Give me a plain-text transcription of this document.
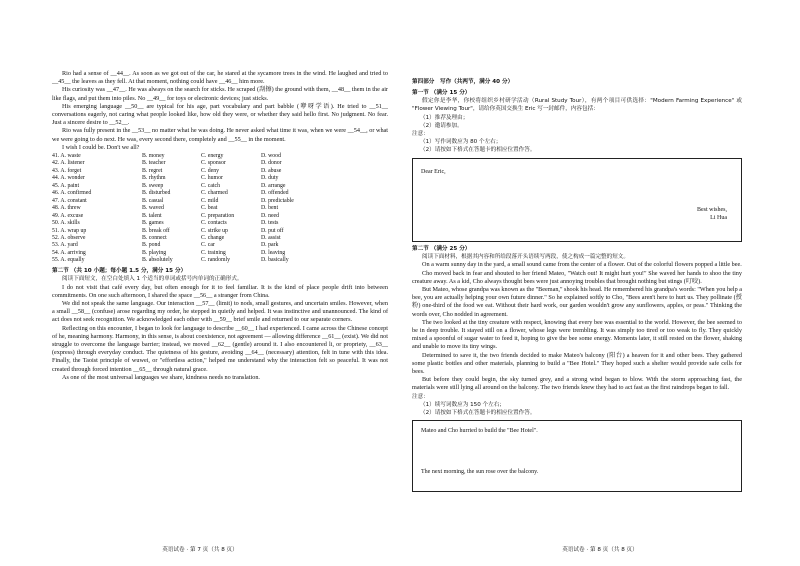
Rio had a sense of __44__. As soon as we got out of the car, he stared at the sycamore trees in the wind. He laughed and tried to __45__ the leaves as they fell. At that moment, nothing could have __46__ him more.

His curiosity was __47__. He was always on the search for sticks. He scraped (刮擦) the ground with them, __48__ them in the air like flags, and put them into piles. No __49__ for toys or electronic devices; just sticks.

His emerging language __50__ are typical for his age, part vocabulary and part babble (咿呀学语). He tried to __51__ conversations eagerly, not caring what people looked like, how old they were, or whether they said hello first. No judgment. No fear. Just a sincere desire to __52__.

Rio was fully present in the __53__ no matter what he was doing. He never asked what time it was, when we were __54__, or what we were going to do next. He was, every second there, completely and __55__ in the moment.

I wish I could be. Don't we all?

41. A. waste	B. money	C. energy	D. wood
42. A. listener	B. teacher	C. sponsor	D. donor
43. A. forget	B. regret	C. deny	D. abuse
44. A. wonder	B. rhythm	C. humor	D. duty
45. A. paint	B. sweep	C. catch	D. arrange
46. A. confirmed	B. disturbed	C. charmed	D. offended
47. A. constant	B. casual	C. mild	D. predictable
48. A. threw	B. waved	C. beat	D. bent
49. A. excuse	B. talent	C. preparation	D. need
50. A. skills	B. games	C. contacts	D. tests
51. A. wrap up	B. break off	C. strike up	D. put off
52. A. observe	B. connect	C. change	D. assist
53. A. yard	B. pond	C. car	D. park
54. A. arriving	B. playing	C. training	D. leaving
55. A. equally	B. absolutely	C. randomly	D. basically
第二节 （共 10 小题；每小题 1.5 分，满分 15 分）

阅读下面短文，在空白处填入 1 个适当的单词或括号内单词的正确形式。

I do not visit that café every day, but often enough for it to feel familiar. It is the kind of place people drift into between commitments. On one such afternoon, I shared the space __56__ a stranger from China.

We did not speak the same language. Our interaction __57__ (limit) to nods, small gestures, and uncertain smiles. However, when a small __58__ (confuse) arose regarding my order, he stepped in quietly and helped. It was instinctive and unannounced. The kind of act does not seek recognition. We acknowledged each other with __59__ brief smile and returned to our separate corners.

Reflecting on this encounter, I began to look for language to describe __60__ I had experienced. I came across the Chinese concept of he, meaning harmony. Harmony, in this sense, is about coexistence, not agreement — allowing difference __61__ (exist). We did not struggle to overcome the language barrier; instead, we moved __62__ (gentle) around it. I also encountered li, or propriety, __63__ (express) through everyday conduct. The quietness of his gesture, avoiding __64__ (necessary) attention, felt in tune with this idea. Finally, the Taoist principle of wuwei, or "effortless action," helped me understand why the interaction felt so peaceful. It was not created through forced intention __65__ through natural grace.

As one of the most universal languages we share, kindness needs no translation.

第四部分　写作（共两节，满分 40 分）
第一节 （满分 15 分）

假定你是李华，你校将组织乡村研学活动（Rural Study Tour），有两个项目可供选择："Modern Farming Experience" 或 "Flower Viewing Tour"，请给你英国交换生 Eric 写一封邮件，内容包括：

（1）推荐及理由；
（2）邀请参加。
注意：
（1）写作词数应为 80 个左右；
（2）请按如下格式在答题卡的相应位置作答。
Dear Eric,
Best wishes,
Li Hua
第二节 （满分 25 分）

阅读下面材料，根据其内容和所给段落开头语续写两段，使之构成一篇完整的短文。

On a warm sunny day in the yard, a small sound came from the center of a flower. Out of the colorful flowers popped a little bee.

Cho moved back in fear and shouted to her friend Mateo, "Watch out! It might hurt you!" She waved her hands to shoo the tiny creature away. As a kid, Cho always thought bees were just annoying troubles that brought nothing but stings (叮咬).

But Mateo, whose grandpa was known as the "Beeman," shook his head. He remembered his grandpa's words: "When you help a bee, you are actually helping your own future dinner." So he explained softly to Cho, "Bees aren't here to hurt us. They pollinate (授粉) one-third of the food we eat. Without their hard work, our garden wouldn't grow any sunflowers, apples, or peas." Thinking the words over, Cho nodded in agreement.

The two looked at the tiny creature with respect, knowing that every bee was essential to the world. However, the bee seemed to be in deep trouble. It stayed still on a flower, whose legs were trembling. It was simply too tired or too weak to fly. They quickly mixed a spoonful of sugar water to feed it, hoping to give the bee some energy. Moments later, it still rested on the flower, shaking and unable to move its tiny wings.

Determined to save it, the two friends decided to make Mateo's balcony (阳台) a heaven for it and other bees. They gathered some plastic bottles and other materials, planning to build a "Bee Hotel." They hoped such a shelter would provide safe cells for bees.

But before they could begin, the sky turned grey, and a strong wind began to blow. With the storm approaching fast, the materials were still lying all around on the balcony. The two friends knew they had to act fast as the first raindrops began to fall.

注意：
（1）续写词数应为 150 个左右；
（2）请按如下格式在答题卡的相应位置作答。
Mateo and Cho hurried to build the "Bee Hotel".
The next morning, the sun rose over the balcony.
英语试卷 · 第 7 页（共 8 页）	英语试卷 · 第 8 页（共 8 页）
